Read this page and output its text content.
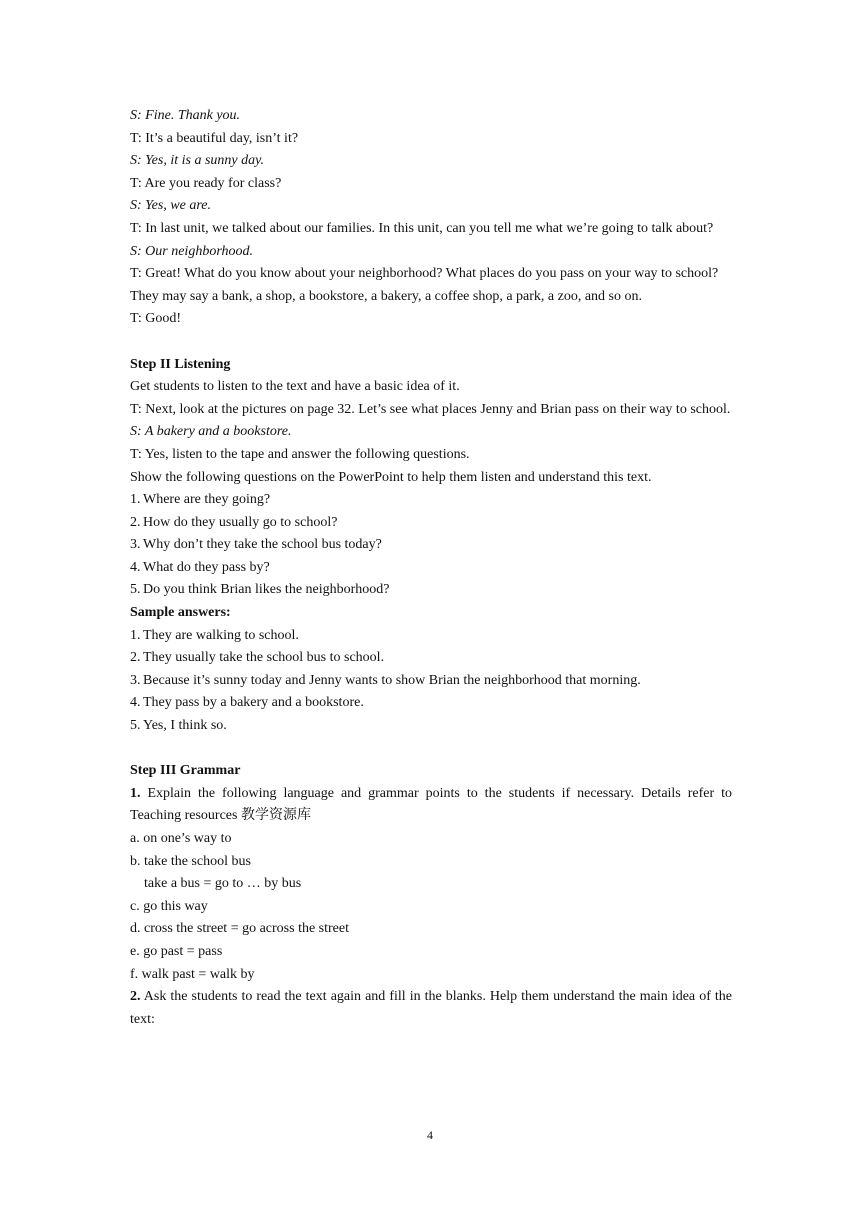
S: Fine. Thank you.

T: It’s a beautiful day, isn’t it?

S: Yes, it is a sunny day.

T: Are you ready for class?

S: Yes, we are.

T: In last unit, we talked about our families. In this unit, can you tell me what we’re going to talk about?

S: Our neighborhood.

T: Great! What do you know about your neighborhood? What places do you pass on your way to school?

They may say a bank, a shop, a bookstore, a bakery, a coffee shop, a park, a zoo, and so on.

T: Good!

Step II Listening

Get students to listen to the text and have a basic idea of it.

T: Next, look at the pictures on page 32. Let’s see what places Jenny and Brian pass on their way to school.

S: A bakery and a bookstore.

T: Yes, listen to the tape and answer the following questions.

Show the following questions on the PowerPoint to help them listen and understand this text.

1. Where are they going?

2. How do they usually go to school?

3. Why don’t they take the school bus today?

4. What do they pass by?

5. Do you think Brian likes the neighborhood?

Sample answers:

1. They are walking to school.

2. They usually take the school bus to school.

3. Because it’s sunny today and Jenny wants to show Brian the neighborhood that morning.

4. They pass by a bakery and a bookstore.

5. Yes, I think so.

Step III Grammar

1. Explain the following language and grammar points to the students if necessary. Details refer to Teaching resources 教学资源库

a. on one’s way to

b. take the school bus

take a bus = go to … by bus

c. go this way

d. cross the street = go across the street

e. go past = pass

f. walk past = walk by

2. Ask the students to read the text again and fill in the blanks. Help them understand the main idea of the text:

4
